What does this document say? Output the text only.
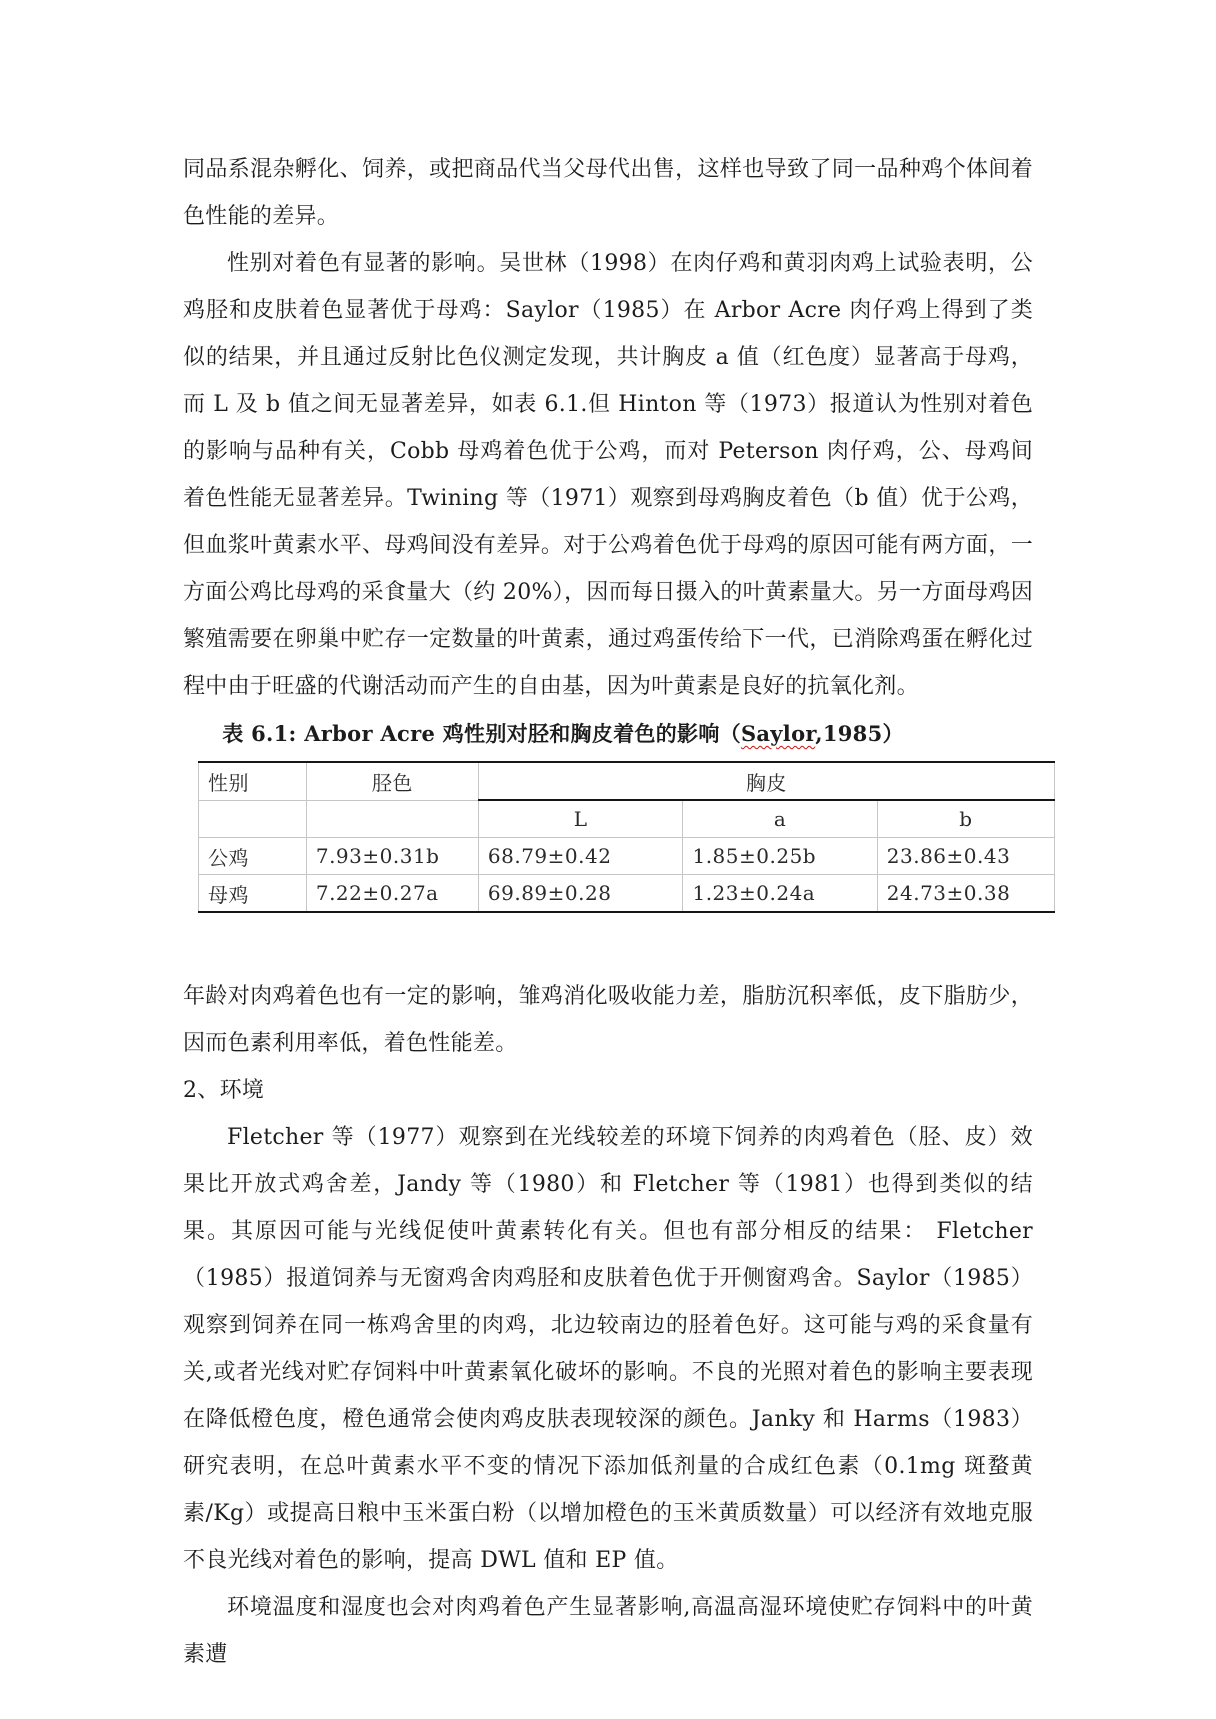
同品系混杂孵化、饲养，或把商品代当父母代出售，这样也导致了同一品种鸡个体间着色性能的差异。

性别对着色有显著的影响。吴世林（1998）在肉仔鸡和黄羽肉鸡上试验表明，公鸡胫和皮肤着色显著优于母鸡：Saylor（1985）在 Arbor Acre 肉仔鸡上得到了类似的结果，并且通过反射比色仪测定发现，共计胸皮 a 值（红色度）显著高于母鸡，而 L 及 b 值之间无显著差异，如表 6.1.但 Hinton 等（1973）报道认为性别对着色的影响与品种有关，Cobb 母鸡着色优于公鸡，而对 Peterson 肉仔鸡，公、母鸡间着色性能无显著差异。Twining 等（1971）观察到母鸡胸皮着色（b 值）优于公鸡，但血浆叶黄素水平、母鸡间没有差异。对于公鸡着色优于母鸡的原因可能有两方面，一方面公鸡比母鸡的采食量大（约 20%），因而每日摄入的叶黄素量大。另一方面母鸡因繁殖需要在卵巢中贮存一定数量的叶黄素，通过鸡蛋传给下一代，已消除鸡蛋在孵化过程中由于旺盛的代谢活动而产生的自由基，因为叶黄素是良好的抗氧化剂。

表 6.1: Arbor Acre 鸡性别对胫和胸皮着色的影响（Saylor,1985）

性别	胫色	胸皮		
		L	a	b
公鸡	7.93±0.31b	68.79±0.42	1.85±0.25b	23.86±0.43
母鸡	7.22±0.27a	69.89±0.28	1.23±0.24a	24.73±0.38

年龄对肉鸡着色也有一定的影响，雏鸡消化吸收能力差，脂肪沉积率低，皮下脂肪少，因而色素利用率低，着色性能差。

2、环境

Fletcher 等（1977）观察到在光线较差的环境下饲养的肉鸡着色（胫、皮）效果比开放式鸡舍差，Jandy 等（1980）和 Fletcher 等（1981）也得到类似的结果。其原因可能与光线促使叶黄素转化有关。但也有部分相反的结果： Fletcher（1985）报道饲养与无窗鸡舍肉鸡胫和皮肤着色优于开侧窗鸡舍。Saylor（1985）观察到饲养在同一栋鸡舍里的肉鸡，北边较南边的胫着色好。这可能与鸡的采食量有关,或者光线对贮存饲料中叶黄素氧化破坏的影响。不良的光照对着色的影响主要表现在降低橙色度，橙色通常会使肉鸡皮肤表现较深的颜色。Janky 和 Harms（1983）研究表明，在总叶黄素水平不变的情况下添加低剂量的合成红色素（0.1mg 斑蝥黄素/Kg）或提高日粮中玉米蛋白粉（以增加橙色的玉米黄质数量）可以经济有效地克服不良光线对着色的影响，提高 DWL 值和 EP 值。

环境温度和湿度也会对肉鸡着色产生显著影响,高温高湿环境使贮存饲料中的叶黄素遭
